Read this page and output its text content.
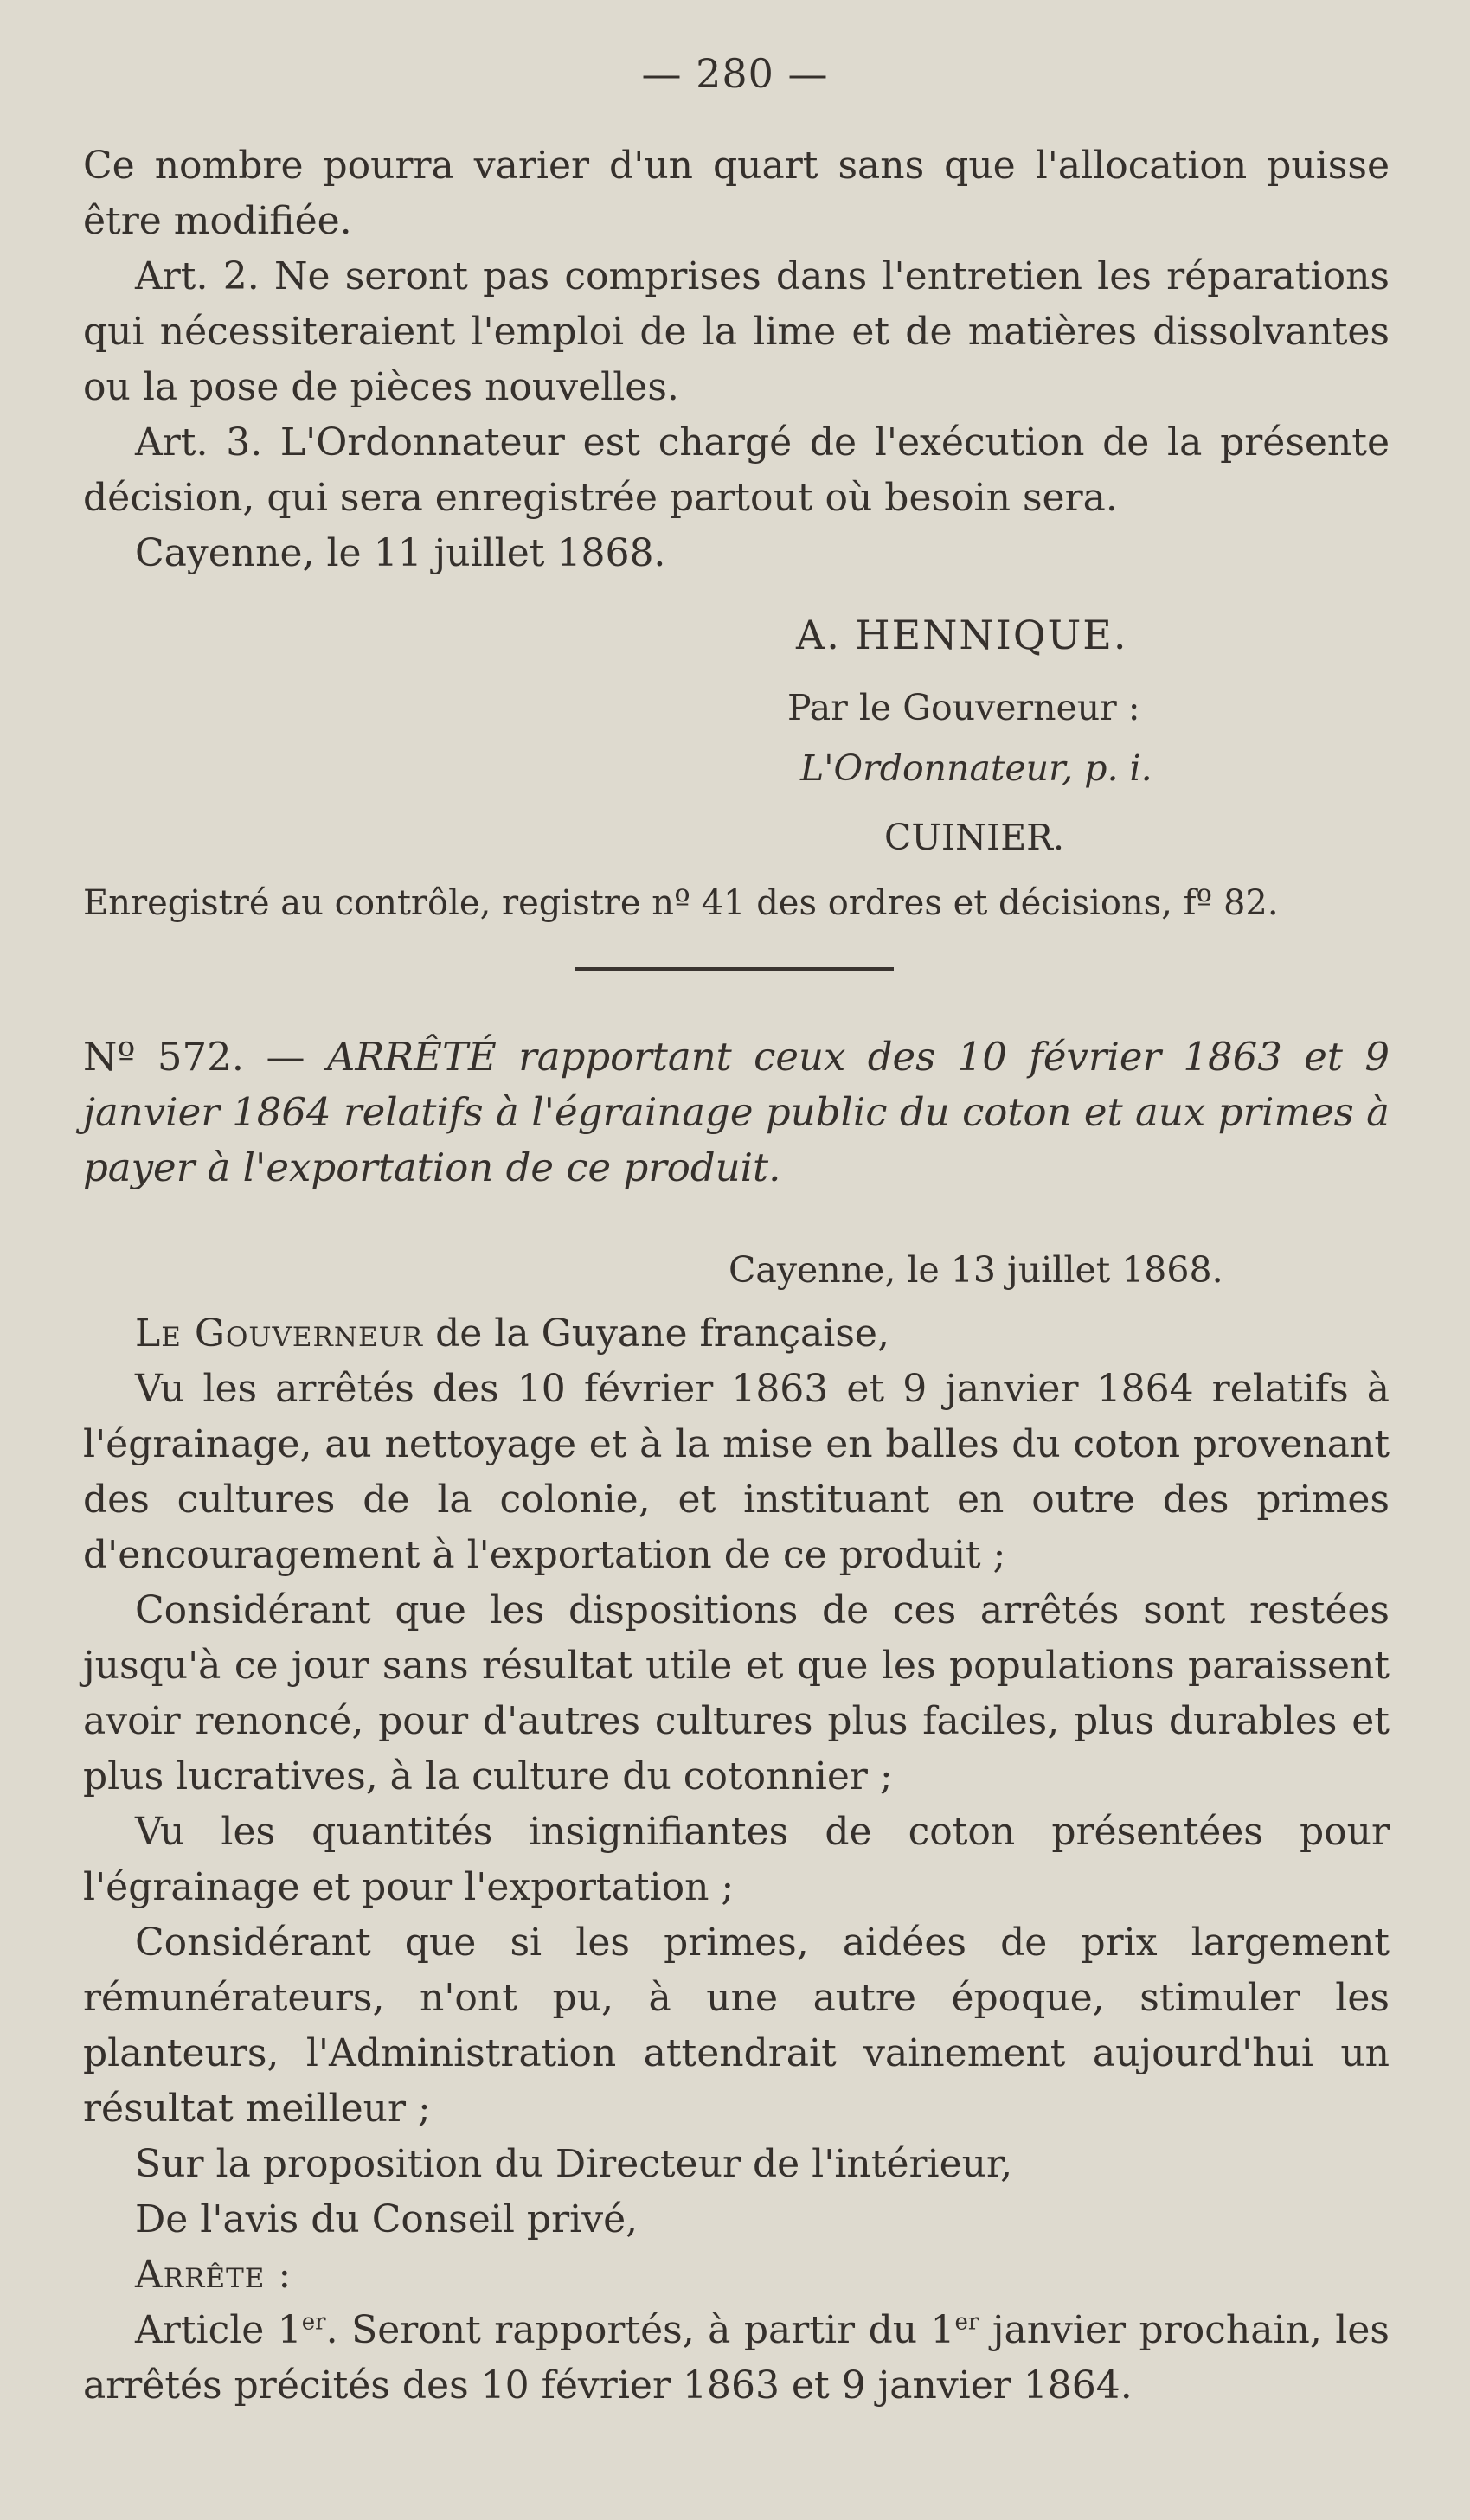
— 280 —

Ce nombre pourra varier d'un quart sans que l'allocation puisse être modifiée.

Art. 2. Ne seront pas comprises dans l'entretien les réparations qui nécessiteraient l'emploi de la lime et de matières dissolvantes ou la pose de pièces nouvelles.

Art. 3. L'Ordonnateur est chargé de l'exécution de la présente décision, qui sera enregistrée partout où besoin sera.

Cayenne, le 11 juillet 1868.

A. HENNIQUE.
Par le Gouverneur :
L'Ordonnateur, p. i.
CUINIER.

Enregistré au contrôle, registre nº 41 des ordres et décisions, fº 82.

Nº 572. — ARRÊTÉ rapportant ceux des 10 février 1863 et 9 janvier 1864 relatifs à l'égrainage public du coton et aux primes à payer à l'exportation de ce produit.

Cayenne, le 13 juillet 1868.

Le Gouverneur de la Guyane française,

Vu les arrêtés des 10 février 1863 et 9 janvier 1864 relatifs à l'égrainage, au nettoyage et à la mise en balles du coton provenant des cultures de la colonie, et instituant en outre des primes d'encouragement à l'exportation de ce produit ;

Considérant que les dispositions de ces arrêtés sont restées jusqu'à ce jour sans résultat utile et que les populations paraissent avoir renoncé, pour d'autres cultures plus faciles, plus durables et plus lucratives, à la culture du cotonnier ;

Vu les quantités insignifiantes de coton présentées pour l'égrainage et pour l'exportation ;

Considérant que si les primes, aidées de prix largement rémunérateurs, n'ont pu, à une autre époque, stimuler les planteurs, l'Administration attendrait vainement aujourd'hui un résultat meilleur ;

Sur la proposition du Directeur de l'intérieur,

De l'avis du Conseil privé,

Arrête :

Article 1er. Seront rapportés, à partir du 1er janvier prochain, les arrêtés précités des 10 février 1863 et 9 janvier 1864.
